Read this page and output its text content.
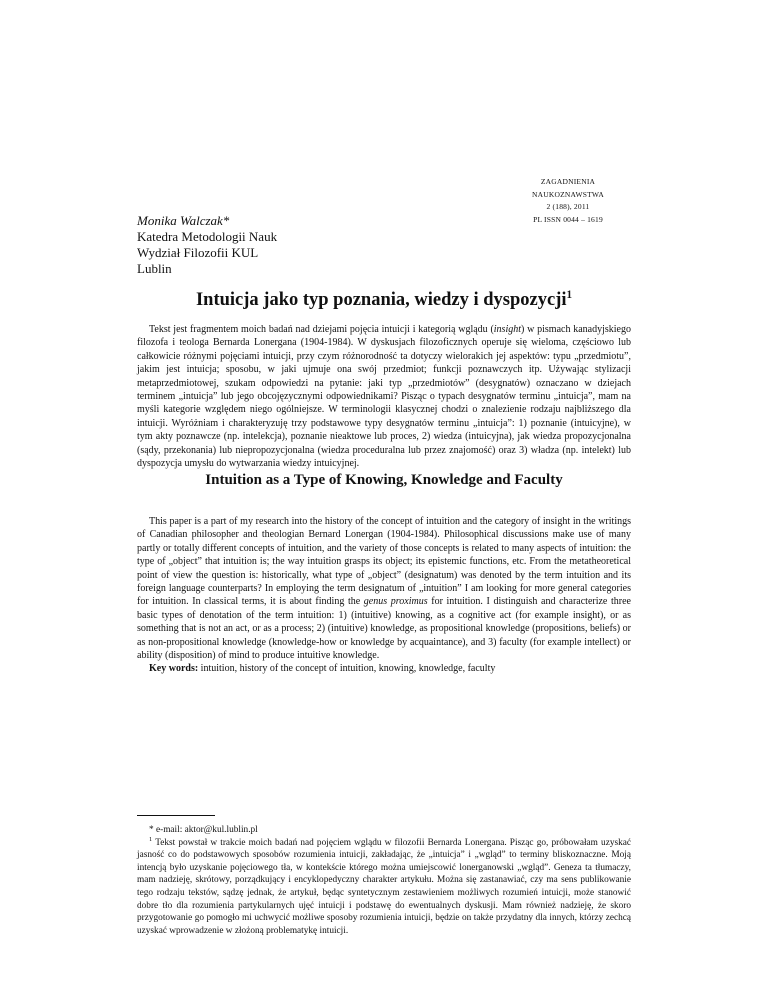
ZAGADNIENIA
NAUKOZNAWSTWA
2 (188), 2011
PL ISSN 0044 – 1619
Monika Walczak*
Katedra Metodologii Nauk
Wydział Filozofii KUL
Lublin
Intuicja jako typ poznania, wiedzy i dyspozycji$^1$

Tekst jest fragmentem moich badań nad dziejami pojęcia intuicji i kategorią wglądu (insight) w pismach kanadyjskiego filozofa i teologa Bernarda Lonergana (1904-1984). W dyskusjach filozoficznych operuje się wieloma, częściowo lub całkowicie różnymi pojęciami intuicji, przy czym różnorodność ta dotyczy wielorakich jej aspektów: typu „przedmiotu”, jakim jest intuicja; sposobu, w jaki ujmuje ona swój przedmiot; funkcji poznawczych itp. Używając stylizacji metaprzedmiotowej, szukam odpowiedzi na pytanie: jaki typ „przedmiotów” (desygnatów) oznaczano w dziejach terminem „intuicja” lub jego obcojęzycznymi odpowiednikami? Pisząc o typach desygnatów terminu „intuicja”, mam na myśli kategorie względem niego ogólniejsze. W terminologii klasycznej chodzi o znalezienie rodzaju najbliższego dla intuicji. Wyróżniam i charakteryzuję trzy podstawowe typy desygnatów terminu „intuicja”: 1) poznanie (intuicyjne), w tym akty poznawcze (np. intelekcja), poznanie nieaktowe lub proces, 2) wiedza (intuicyjna), jak wiedza propozycjonalna (sądy, przekonania) lub niepropozycjonalna (wiedza proceduralna lub przez znajomość) oraz 3) władza (np. intelekt) lub dyspozycja umysłu do wytwarzania wiedzy intuicyjnej.

Intuition as a Type of Knowing, Knowledge and Faculty

This paper is a part of my research into the history of the concept of intuition and the category of insight in the writings of Canadian philosopher and theologian Bernard Lonergan (1904-1984). Philosophical discussions make use of many partly or totally different concepts of intuition, and the variety of those concepts is related to many aspects of intuition: the type of „object” that intuition is; the way intuition grasps its object; its epistemic functions, etc. From the metatheoretical point of view the question is: historically, what type of „object” (designatum) was denoted by the term intuition and its foreign language counterparts? In employing the term designatum of „intuition” I am looking for more general categories for intuition. In classical terms, it is about finding the genus proximus for intuition. I distinguish and characterize three basic types of denotation of the term intuition: 1) (intuitive) knowing, as a cognitive act (for example insight), or as something that is not an act, or as a process; 2) (intuitive) knowledge, as propositional knowledge (propositions, beliefs) or as non-propositional knowledge (knowledge-how or knowledge by acquaintance), and 3) faculty (for example intellect) or ability (disposition) of mind to produce intuitive knowledge.

Key words: intuition, history of the concept of intuition, knowing, knowledge, faculty

* e-mail: aktor@kul.lublin.pl

$^1$ Tekst powstał w trakcie moich badań nad pojęciem wglądu w filozofii Bernarda Lonergana. Pisząc go, próbowałam uzyskać jasność co do podstawowych sposobów rozumienia intuicji, zakładając, że „intuicja” i „wgląd” to terminy bliskoznaczne. Moją intencją było uzyskanie pojęciowego tła, w kontekście którego można umiejscowić lonerganowski „wgląd”. Geneza ta tłumaczy, mam nadzieję, skrótowy, porządkujący i encyklopedyczny charakter artykułu. Można się zastanawiać, czy ma sens publikowanie tego rodzaju tekstów, sądzę jednak, że artykuł, będąc syntetycznym zestawieniem możliwych rozumień intuicji, może stanowić dobre tło dla rozumienia partykularnych ujęć intuicji i podstawę do ewentualnych dyskusji. Mam również nadzieję, że skoro przygotowanie go pomogło mi uchwycić możliwe sposoby rozumienia intuicji, będzie on także przydatny dla innych, którzy zechcą uzyskać wprowadzenie w złożoną problematykę intuicji.
